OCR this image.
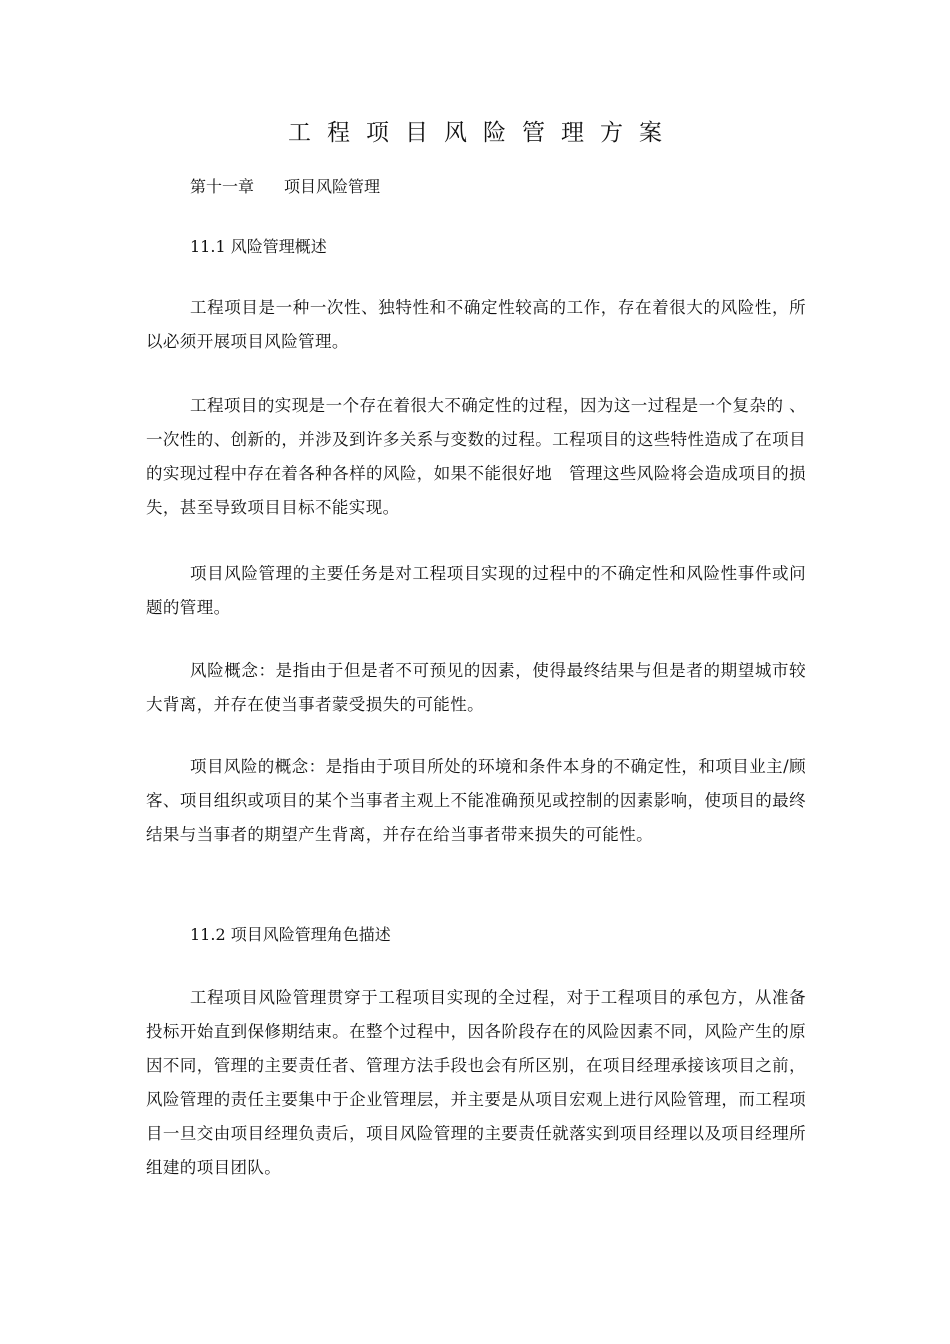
工程项目风险管理方案
第十一章 项目风险管理
11.1 风险管理概述
工程项目是一种一次性、独特性和不确定性较高的工作，存在着很大的风险性，所以必须开展项目风险管理。
工程项目的实现是一个存在着很大不确定性的过程，因为这一过程是一个复杂的 、一次性的、创新的，并涉及到许多关系与变数的过程。工程项目的这些特性造成了在项目的实现过程中存在着各种各样的风险，如果不能很好地　管理这些风险将会造成项目的损失，甚至导致项目目标不能实现。
项目风险管理的主要任务是对工程项目实现的过程中的不确定性和风险性事件或问题的管理。
风险概念：是指由于但是者不可预见的因素，使得最终结果与但是者的期望城市较大背离，并存在使当事者蒙受损失的可能性。
项目风险的概念：是指由于项目所处的环境和条件本身的不确定性，和项目业主/顾客、项目组织或项目的某个当事者主观上不能准确预见或控制的因素影响，使项目的最终结果与当事者的期望产生背离，并存在给当事者带来损失的可能性。
11.2 项目风险管理角色描述
工程项目风险管理贯穿于工程项目实现的全过程，对于工程项目的承包方，从准备投标开始直到保修期结束。在整个过程中，因各阶段存在的风险因素不同，风险产生的原因不同，管理的主要责任者、管理方法手段也会有所区别，在项目经理承接该项目之前，风险管理的责任主要集中于企业管理层，并主要是从项目宏观上进行风险管理，而工程项目一旦交由项目经理负责后，项目风险管理的主要责任就落实到项目经理以及项目经理所组建的项目团队。
